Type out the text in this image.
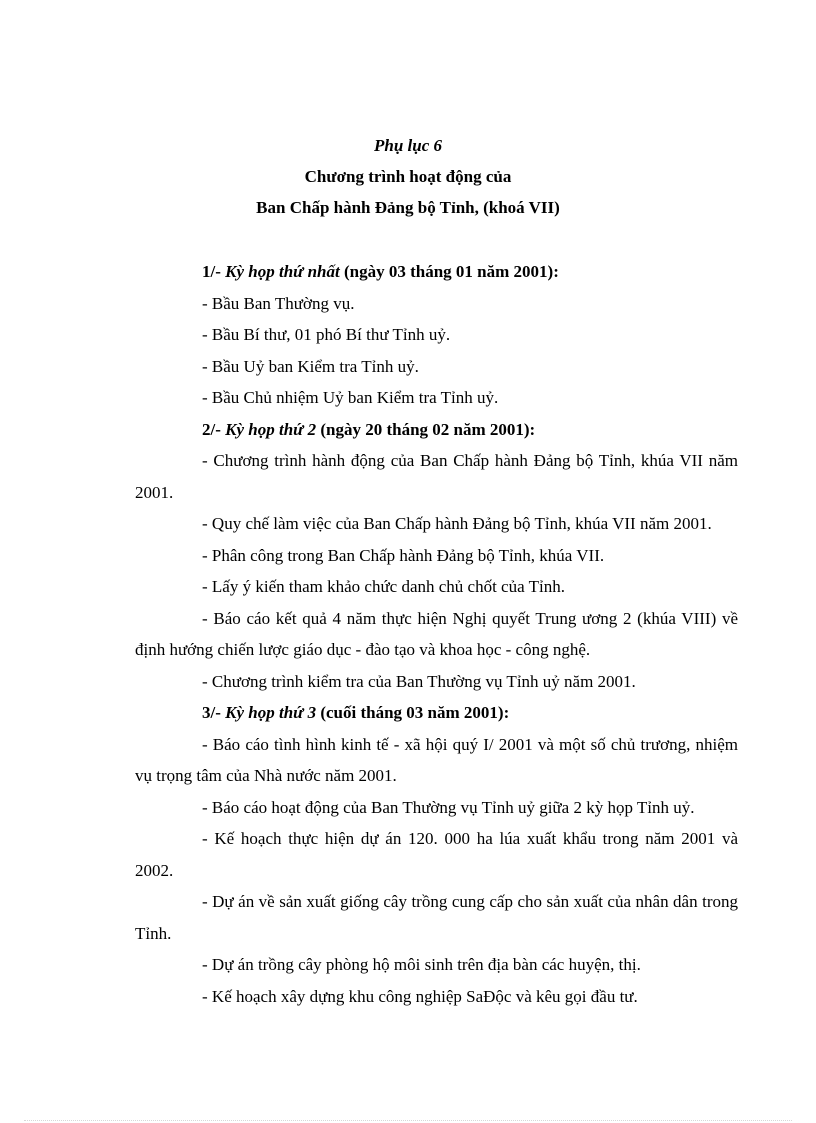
Phụ lục 6

Chương trình hoạt động của

Ban Chấp hành Đảng bộ Tỉnh, (khoá VII)

1/- Kỳ họp thứ nhất (ngày 03 tháng 01 năm 2001):

- Bầu Ban Thường vụ.

- Bầu Bí thư, 01 phó Bí thư Tỉnh uỷ.

- Bầu Uỷ ban Kiểm tra Tỉnh uỷ.

- Bầu Chủ nhiệm Uỷ ban Kiểm tra Tỉnh uỷ.

2/- Kỳ họp thứ 2 (ngày 20 tháng 02 năm 2001):

- Chương trình hành động của Ban Chấp hành Đảng bộ Tỉnh, khúa VII năm 2001.

- Quy chế làm việc của Ban Chấp hành Đảng bộ Tỉnh, khúa VII năm 2001.

- Phân công trong Ban Chấp hành Đảng bộ Tỉnh, khúa VII.

- Lấy ý kiến tham khảo chức danh chủ chốt của Tỉnh.

- Báo cáo kết quả 4 năm thực hiện Nghị quyết Trung ương 2 (khúa VIII) về định hướng chiến lược giáo dục - đào tạo và khoa học - công nghệ.

- Chương trình kiểm tra của Ban Thường vụ Tỉnh uỷ năm 2001.

3/- Kỳ họp thứ 3 (cuối tháng 03 năm 2001):

- Báo cáo tình hình kinh tế - xã hội quý I/ 2001 và một số chủ trương, nhiệm vụ trọng tâm của Nhà nước năm 2001.

- Báo cáo hoạt động của Ban Thường vụ Tỉnh uỷ giữa 2 kỳ họp Tỉnh uỷ.

- Kế hoạch thực hiện dự án 120. 000 ha lúa xuất khẩu trong năm 2001 và 2002.

- Dự án về sản xuất giống cây trồng cung cấp cho sản xuất của nhân dân trong Tỉnh.

- Dự án trồng cây phòng hộ môi sinh trên địa bàn các huyện, thị.

- Kế hoạch xây dựng khu công nghiệp SaĐộc và kêu gọi đầu tư.
